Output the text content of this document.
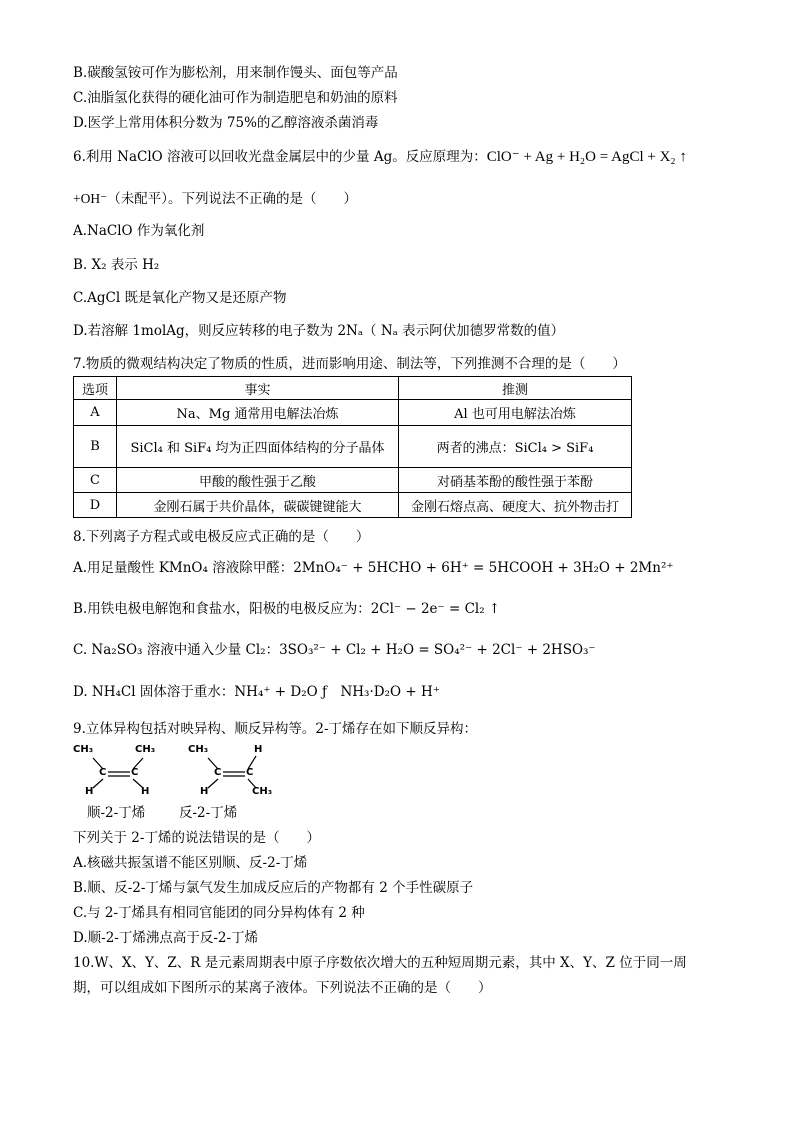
B.碳酸氢铵可作为膨松剂，用来制作馒头、面包等产品
C.油脂氢化获得的硬化油可作为制造肥皂和奶油的原料
D.医学上常用体积分数为 75%的乙醇溶液杀菌消毒
6.利用 NaClO 溶液可以回收光盘金属层中的少量 Ag。反应原理为：ClO⁻ + Ag + H₂O = AgCl + X₂ ↑
+OH⁻（未配平）。下列说法不正确的是（　　）
A.NaClO 作为氧化剂
B. X₂ 表示 H₂
C.AgCl 既是氧化产物又是还原产物
D.若溶解 1molAg，则反应转移的电子数为 2Nₐ（ Nₐ 表示阿伏加德罗常数的值）
7.物质的微观结构决定了物质的性质，进而影响用途、制法等，下列推测不合理的是（　　）
选项	事实	推测
A	Na、Mg 通常用电解法冶炼	Al 也可用电解法冶炼
B	SiCl₄ 和 SiF₄ 均为正四面体结构的分子晶体	两者的沸点：SiCl₄ > SiF₄
C	甲酸的酸性强于乙酸	对硝基苯酚的酸性强于苯酚
D	金刚石属于共价晶体，碳碳键键能大	金刚石熔点高、硬度大、抗外物击打
8.下列离子方程式或电极反应式正确的是（　　）
A.用足量酸性 KMnO₄ 溶液除甲醛：2MnO₄⁻ + 5HCHO + 6H⁺ = 5HCOOH + 3H₂O + 2Mn²⁺
B.用铁电极电解饱和食盐水，阳极的电极反应为：2Cl⁻ − 2e⁻ = Cl₂ ↑
C. Na₂SO₃ 溶液中通入少量 Cl₂：3SO₃²⁻ + Cl₂ + H₂O = SO₄²⁻ + 2Cl⁻ + 2HSO₃⁻
D. NH₄Cl 固体溶于重水：NH₄⁺ + D₂O ƒ　NH₃·D₂O + H⁺
9.立体异构包括对映异构、顺反异构等。2-丁烯存在如下顺反异构：
CH₃	CH₃
C C
H	H
CH₃	H
C C
H	CH₃
顺-2-丁烯	反-2-丁烯
下列关于 2-丁烯的说法错误的是（　　）
A.核磁共振氢谱不能区别顺、反-2-丁烯
B.顺、反-2-丁烯与氯气发生加成反应后的产物都有 2 个手性碳原子
C.与 2-丁烯具有相同官能团的同分异构体有 2 种
D.顺-2-丁烯沸点高于反-2-丁烯
10.W、X、Y、Z、R 是元素周期表中原子序数依次增大的五种短周期元素，其中 X、Y、Z 位于同一周
期，可以组成如下图所示的某离子液体。下列说法不正确的是（　　）
